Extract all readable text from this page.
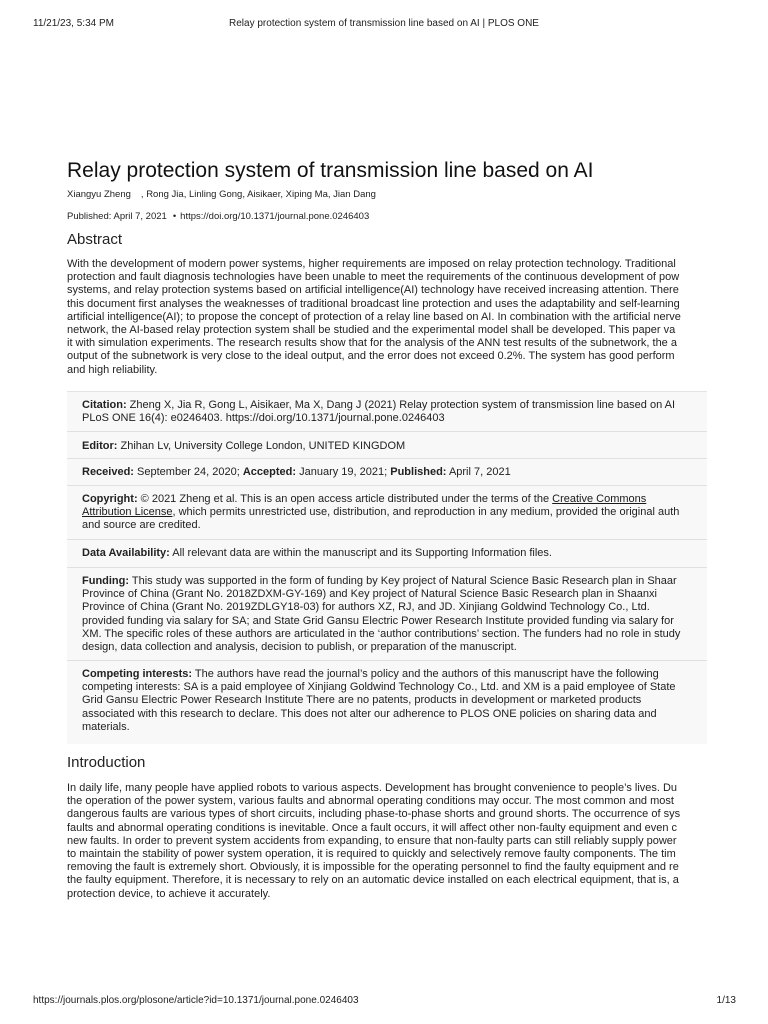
11/21/23, 5:34 PM	Relay protection system of transmission line based on AI | PLOS ONE
Relay protection system of transmission line based on AI
Xiangyu Zheng , Rong Jia, Linling Gong, Aisikaer, Xiping Ma, Jian Dang
Published: April 7, 2021 • https://doi.org/10.1371/journal.pone.0246403
Abstract
With the development of modern power systems, higher requirements are imposed on relay protection technology. Traditional
protection and fault diagnosis technologies have been unable to meet the requirements of the continuous development of pow
systems, and relay protection systems based on artificial intelligence(AI) technology have received increasing attention. There
this document first analyses the weaknesses of traditional broadcast line protection and uses the adaptability and self-learning
artificial intelligence(AI); to propose the concept of protection of a relay line based on AI. In combination with the artificial nerve
network, the AI-based relay protection system shall be studied and the experimental model shall be developed. This paper va
it with simulation experiments. The research results show that for the analysis of the ANN test results of the subnetwork, the a
output of the subnetwork is very close to the ideal output, and the error does not exceed 0.2%. The system has good perform
and high reliability.
Citation: Zheng X, Jia R, Gong L, Aisikaer, Ma X, Dang J (2021) Relay protection system of transmission line based on AI
PLoS ONE 16(4): e0246403. https://doi.org/10.1371/journal.pone.0246403
Editor: Zhihan Lv, University College London, UNITED KINGDOM
Received: September 24, 2020; Accepted: January 19, 2021; Published: April 7, 2021
Copyright: © 2021 Zheng et al. This is an open access article distributed under the terms of the Creative Commons
Attribution License, which permits unrestricted use, distribution, and reproduction in any medium, provided the original auth
and source are credited.
Data Availability: All relevant data are within the manuscript and its Supporting Information files.
Funding: This study was supported in the form of funding by Key project of Natural Science Basic Research plan in Shaar
Province of China (Grant No. 2018ZDXM-GY-169) and Key project of Natural Science Basic Research plan in Shaanxi
Province of China (Grant No. 2019ZDLGY18-03) for authors XZ, RJ, and JD. Xinjiang Goldwind Technology Co., Ltd.
provided funding via salary for SA; and State Grid Gansu Electric Power Research Institute provided funding via salary for
XM. The specific roles of these authors are articulated in the ‘author contributions’ section. The funders had no role in study
design, data collection and analysis, decision to publish, or preparation of the manuscript.
Competing interests: The authors have read the journal’s policy and the authors of this manuscript have the following
competing interests: SA is a paid employee of Xinjiang Goldwind Technology Co., Ltd. and XM is a paid employee of State
Grid Gansu Electric Power Research Institute There are no patents, products in development or marketed products
associated with this research to declare. This does not alter our adherence to PLOS ONE policies on sharing data and
materials.
Introduction
In daily life, many people have applied robots to various aspects. Development has brought convenience to people’s lives. Du
the operation of the power system, various faults and abnormal operating conditions may occur. The most common and most
dangerous faults are various types of short circuits, including phase-to-phase shorts and ground shorts. The occurrence of sys
faults and abnormal operating conditions is inevitable. Once a fault occurs, it will affect other non-faulty equipment and even c
new faults. In order to prevent system accidents from expanding, to ensure that non-faulty parts can still reliably supply power
to maintain the stability of power system operation, it is required to quickly and selectively remove faulty components. The tim
removing the fault is extremely short. Obviously, it is impossible for the operating personnel to find the faulty equipment and re
the faulty equipment. Therefore, it is necessary to rely on an automatic device installed on each electrical equipment, that is, a
protection device, to achieve it accurately.
https://journals.plos.org/plosone/article?id=10.1371/journal.pone.0246403	1/13
